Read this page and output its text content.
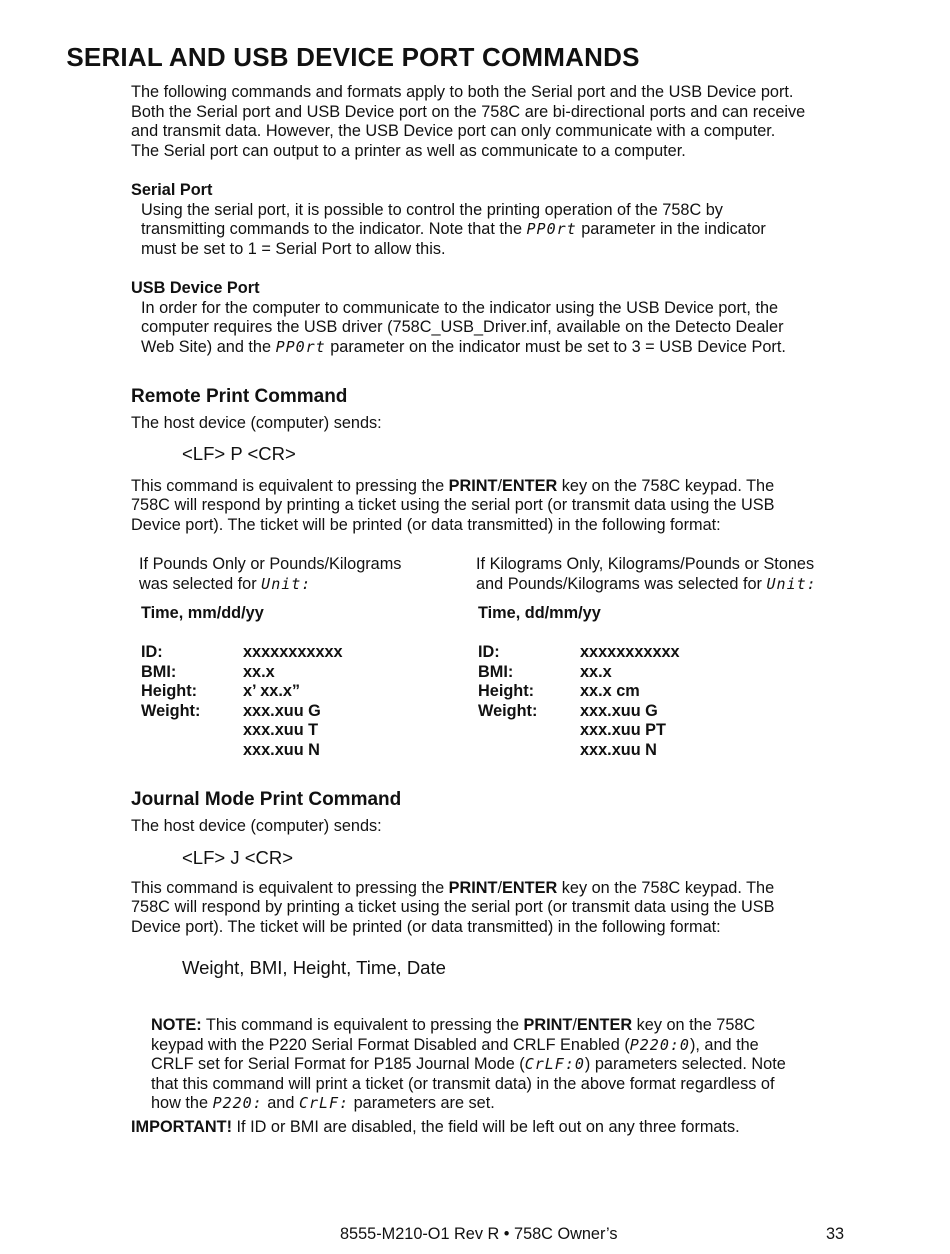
SERIAL AND USB DEVICE PORT COMMANDS

The following commands and formats apply to both the Serial port and the USB Device port.

Both the Serial port and USB Device port on the 758C are bi-directional ports and can receive

and transmit data. However, the USB Device port can only communicate with a computer.

The Serial port can output to a printer as well as communicate to a computer.

Serial Port

Using the serial port, it is possible to control the printing operation of the 758C by

transmitting commands to the indicator. Note that the PP0rt parameter in the indicator

must be set to 1 = Serial Port to allow this.

USB Device Port

In order for the computer to communicate to the indicator using the USB Device port, the

computer requires the USB driver (758C_USB_Driver.inf, available on the Detecto Dealer

Web Site) and the PP0rt parameter on the indicator must be set to 3 = USB Device Port.

Remote Print Command

The host device (computer) sends:

<LF> P <CR>

This command is equivalent to pressing the PRINT/ENTER key on the 758C keypad. The

758C will respond by printing a ticket using the serial port (or transmit data using the USB

Device port). The ticket will be printed (or data transmitted) in the following format:

If Pounds Only or Pounds/Kilograms
was selected for Unit:
Time, mm/dd/yy
ID:	xxxxxxxxxxx
BMI:	xx.x
Height:	x’ xx.x”
Weight:	xxx.xuu G
xxx.xuu T
xxx.xuu N
If Kilograms Only, Kilograms/Pounds or Stones
and Pounds/Kilograms was selected for Unit:
Time, dd/mm/yy
ID:	xxxxxxxxxxx
BMI:	xx.x
Height:	xx.x cm
Weight:	xxx.xuu G
xxx.xuu PT
xxx.xuu N
Journal Mode Print Command

The host device (computer) sends:

<LF> J <CR>

This command is equivalent to pressing the PRINT/ENTER key on the 758C keypad. The

758C will respond by printing a ticket using the serial port (or transmit data using the USB

Device port). The ticket will be printed (or data transmitted) in the following format:

Weight, BMI, Height, Time, Date

NOTE: This command is equivalent to pressing the PRINT/ENTER key on the 758C

keypad with the P220 Serial Format Disabled and CRLF Enabled (P220:0), and the

CRLF set for Serial Format for P185 Journal Mode (CrLF:0) parameters selected. Note

that this command will print a ticket (or transmit data) in the above format regardless of

how the P220: and CrLF: parameters are set.

IMPORTANT! If ID or BMI are disabled, the field will be left out on any three formats.

8555-M210-O1 Rev R • 758C Owner’s	33
